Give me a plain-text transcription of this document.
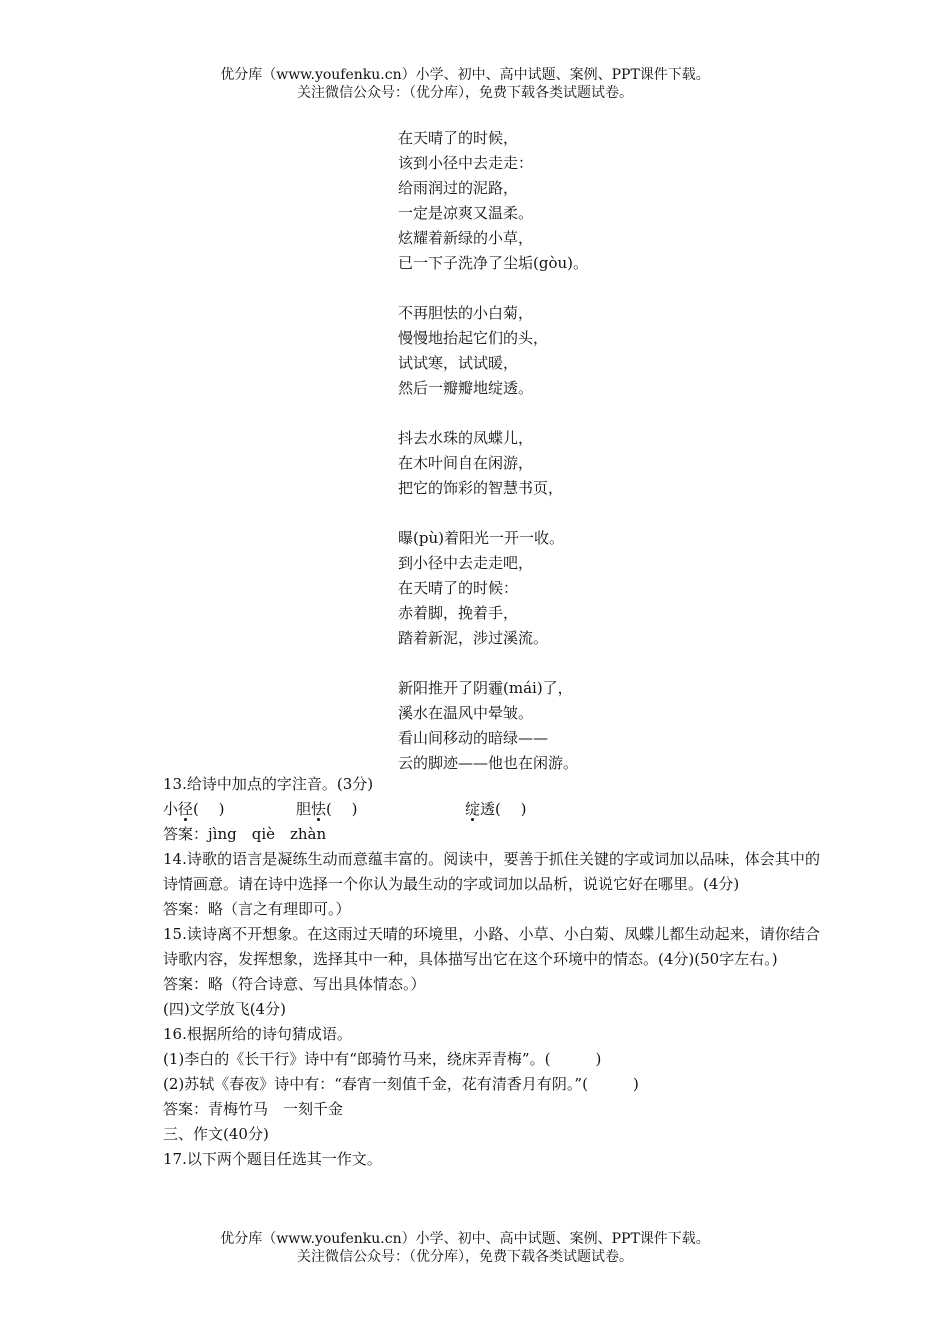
优分库（www.youfenku.cn）小学、初中、高中试题、案例、PPT课件下载。
关注微信公众号：（优分库），免费下载各类试题试卷。
在天晴了的时候，
该到小径中去走走：
给雨润过的泥路，
一定是凉爽又温柔。
炫耀着新绿的小草，
已一下子洗净了尘垢(gòu)。
不再胆怯的小白菊，
慢慢地抬起它们的头，
试试寒，试试暖，
然后一瓣瓣地绽透。
抖去水珠的凤蝶儿，
在木叶间自在闲游，
把它的饰彩的智慧书页，
曝(pù)着阳光一开一收。
到小径中去走走吧，
在天晴了的时候：
赤着脚，挽着手，
踏着新泥，涉过溪流。
新阳推开了阴霾(mái)了，
溪水在温风中晕皱。
看山间移动的暗绿——
云的脚迹——他也在闲游。
13.给诗中加点的字注音。(3分)
小径(　 )	胆怯(　 )	绽透(　 )
答案：jìng　qiè　zhàn
14.诗歌的语言是凝练生动而意蕴丰富的。阅读中，要善于抓住关键的字或词加以品味，体会其中的诗情画意。请在诗中选择一个你认为最生动的字或词加以品析，说说它好在哪里。(4分)
答案：略（言之有理即可。）
15.读诗离不开想象。在这雨过天晴的环境里，小路、小草、小白菊、凤蝶儿都生动起来，请你结合诗歌内容，发挥想象，选择其中一种，具体描写出它在这个环境中的情态。(4分)(50字左右。)
答案：略（符合诗意、写出具体情态。）
(四)文学放飞(4分)
16.根据所给的诗句猜成语。
(1)李白的《长干行》诗中有“郎骑竹马来，绕床弄青梅”。(　　　)
(2)苏轼《春夜》诗中有：“春宵一刻值千金，花有清香月有阴。”(　　　)
答案：青梅竹马　一刻千金
三、作文(40分)
17.以下两个题目任选其一作文。
优分库（www.youfenku.cn）小学、初中、高中试题、案例、PPT课件下载。
关注微信公众号：（优分库），免费下载各类试题试卷。
